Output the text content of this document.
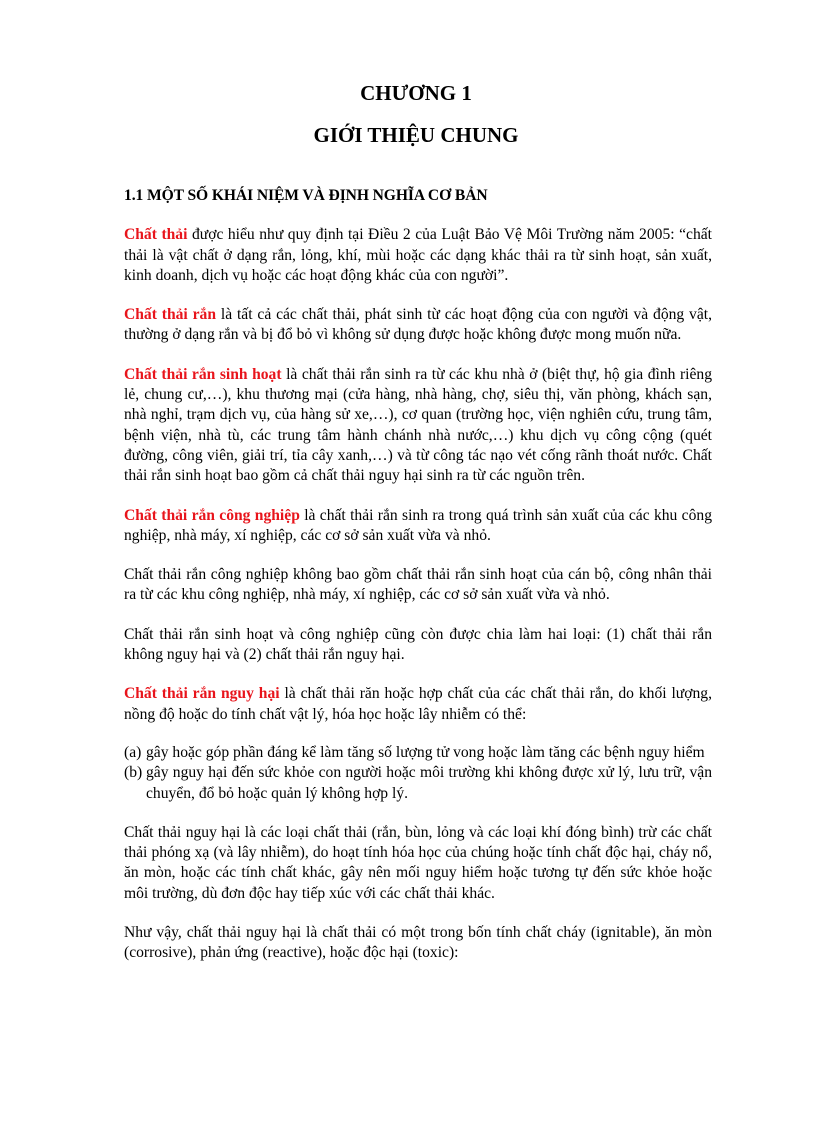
CHƯƠNG 1
GIỚI THIỆU CHUNG
1.1 MỘT SỐ KHÁI NIỆM VÀ ĐỊNH NGHĨA CƠ BẢN

Chất thải được hiểu như quy định tại Điều 2 của Luật Bảo Vệ Môi Trường năm 2005: “chất thải là vật chất ở dạng rắn, lỏng, khí, mùi hoặc các dạng khác thải ra từ sinh hoạt, sản xuất, kinh doanh, dịch vụ hoặc các hoạt động khác của con người”.

Chất thải rắn là tất cả các chất thải, phát sinh từ các hoạt động của con người và động vật, thường ở dạng rắn và bị đổ bỏ vì không sử dụng được hoặc không được mong muốn nữa.

Chất thải rắn sinh hoạt là chất thải rắn sinh ra từ các khu nhà ở (biệt thự, hộ gia đình riêng lẻ, chung cư,…), khu thương mại (cửa hàng, nhà hàng, chợ, siêu thị, văn phòng, khách sạn, nhà nghỉ, trạm dịch vụ, của hàng sử xe,…), cơ quan (trường học, viện nghiên cứu, trung tâm, bệnh viện, nhà tù, các trung tâm hành chánh nhà nước,…) khu dịch vụ công cộng (quét đường, công viên, giải trí, tỉa cây xanh,…) và từ công tác nạo vét cống rãnh thoát nước. Chất thải rắn sinh hoạt bao gồm cả chất thải nguy hại sinh ra từ các nguồn trên.

Chất thải rắn công nghiệp là chất thải rắn sinh ra trong quá trình sản xuất của các khu công nghiệp, nhà máy, xí nghiệp, các cơ sở sản xuất vừa và nhỏ.

Chất thải rắn công nghiệp không bao gồm chất thải rắn sinh hoạt của cán bộ, công nhân thải ra từ các khu công nghiệp, nhà máy, xí nghiệp, các cơ sở sản xuất vừa và nhỏ.

Chất thải rắn sinh hoạt và công nghiệp cũng còn được chia làm hai loại: (1) chất thải rắn không nguy hại và (2) chất thải rắn nguy hại.

Chất thải rắn nguy hại là chất thải răn hoặc hợp chất của các chất thải rắn, do khối lượng, nồng độ hoặc do tính chất vật lý, hóa học hoặc lây nhiễm có thể:

(a) gây hoặc góp phần đáng kể làm tăng số lượng tử vong hoặc làm tăng các bệnh nguy hiểm
(b) gây nguy hại đến sức khỏe con người hoặc môi trường khi không được xử lý, lưu trữ, vận chuyển, đổ bỏ hoặc quản lý không hợp lý.

Chất thải nguy hại là các loại chất thải (rắn, bùn, lỏng và các loại khí đóng bình) trừ các chất thải phóng xạ (và lây nhiễm), do hoạt tính hóa học của chúng hoặc tính chất độc hại, cháy nổ, ăn mòn, hoặc các tính chất khác, gây nên mối nguy hiểm hoặc tương tự đến sức khỏe hoặc môi trường, dù đơn độc hay tiếp xúc với các chất thải khác.

Như vậy, chất thải nguy hại là chất thải có một trong bốn tính chất cháy (ignitable), ăn mòn (corrosive), phản ứng (reactive), hoặc độc hại (toxic):
